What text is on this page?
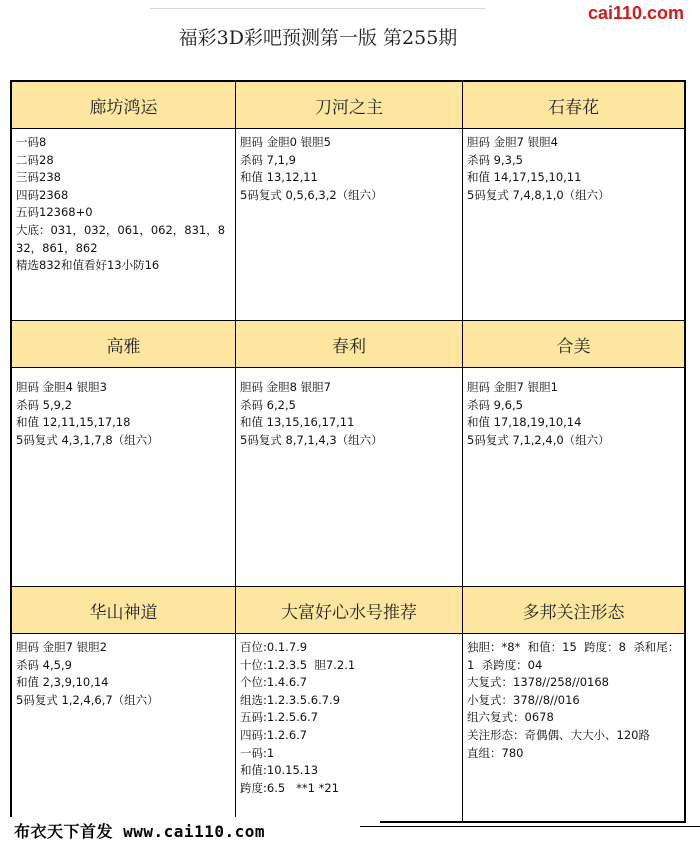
cai110.com
福彩3D彩吧预测第一版 第255期
廊坊鸿运
一码8
二码28
三码238
四码2368
五码12368+0
大底：031，032，061，062，831，832，861，862
精选832和值看好13小防16
刀河之主
胆码 金胆0 银胆5
杀码 7,1,9
和值 13,12,11
5码复式 0,5,6,3,2（组六）
石春花
胆码 金胆7 银胆4
杀码 9,3,5
和值 14,17,15,10,11
5码复式 7,4,8,1,0（组六）
高雅
胆码 金胆4 银胆3
杀码 5,9,2
和值 12,11,15,17,18
5码复式 4,3,1,7,8（组六）
春利
胆码 金胆8 银胆7
杀码 6,2,5
和值 13,15,16,17,11
5码复式 8,7,1,4,3（组六）
合美
胆码 金胆7 银胆1
杀码 9,6,5
和值 17,18,19,10,14
5码复式 7,1,2,4,0（组六）
华山神道
胆码 金胆7 银胆2
杀码 4,5,9
和值 2,3,9,10,14
5码复式 1,2,4,6,7（组六）
大富好心水号推荐
百位:0.1.7.9
十位:1.2.3.5  胆7.2.1
个位:1.4.6.7
组选:1.2.3.5.6.7.9
五码:1.2.5.6.7
四码:1.2.6.7
一码:1
和值:10.15.13
跨度:6.5   **1 *21
多邦关注形态
独胆：*8*  和值：15  跨度：8  杀和尾：1  杀跨度：04
大复式：1378//258//0168
小复式：378//8//016
组六复式：0678
关注形态：奇偶偶、大大小、120路
直组：780
布衣天下首发 www.cai110.com
